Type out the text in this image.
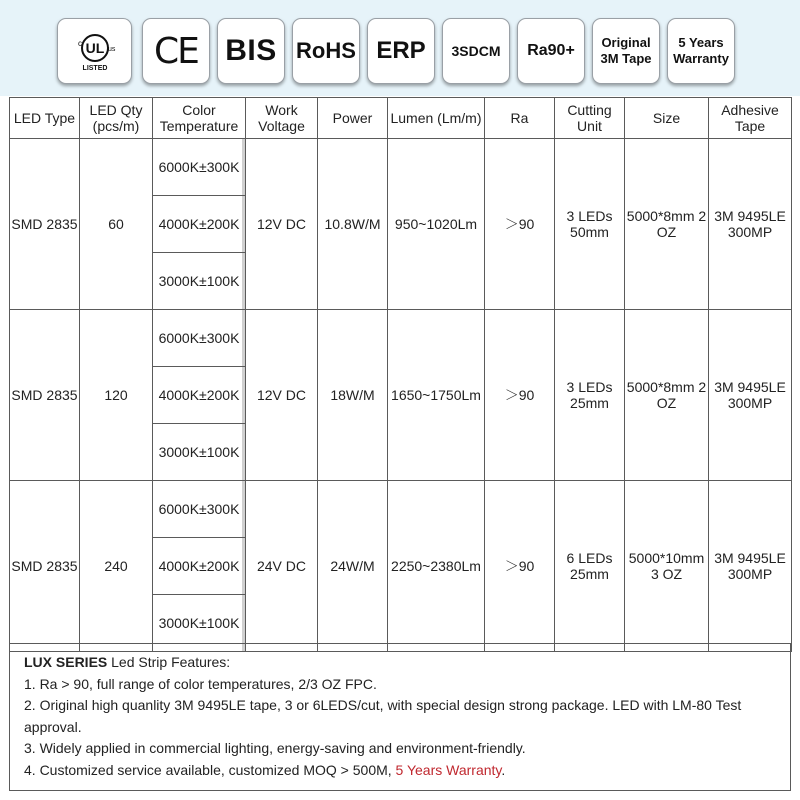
UL
c
us
LISTED CE BIS RoHS ERP 3SDCM Ra90+ Original
3M Tape
5 Years
Warranty
LED Type	LED Qty (pcs/m)	Color Temperature	Work Voltage	Power	Lumen (Lm/m)	Ra	Cutting Unit	Size	Adhesive Tape
SMD 2835	60	6000K±300K	12V DC	10.8W/M	950~1020Lm	＞90	3 LEDs 50mm	5000*8mm 2 OZ	3M 9495LE 300MP

4000K±200K							

3000K±100K							
SMD 2835	120	6000K±300K	12V DC	18W/M	1650~1750Lm	＞90	3 LEDs 25mm	5000*8mm 2 OZ	3M 9495LE 300MP

4000K±200K							

3000K±100K							
SMD 2835	240	6000K±300K	24V DC	24W/M	2250~2380Lm	＞90	6 LEDs 25mm	5000*10mm 3 OZ	3M 9495LE 300MP

4000K±200K							

3000K±100K							

LUX SERIES Led Strip Features:

1. Ra > 90, full range of color temperatures, 2/3 OZ FPC.

2. Original high quanlity 3M 9495LE tape, 3 or 6LEDS/cut, with special design strong package. LED with LM-80 Test approval.

3. Widely applied in commercial lighting, energy-saving and environment-friendly.

4. Customized service available, customized MOQ > 500M, 5 Years Warranty.
